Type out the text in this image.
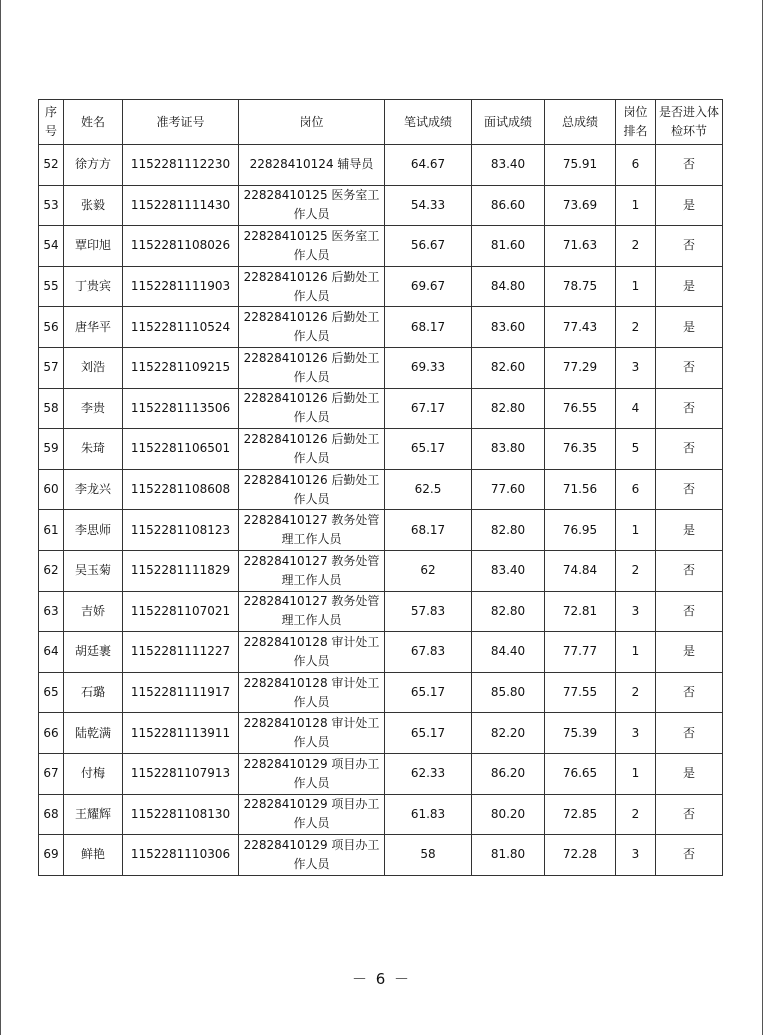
序号	姓名	准考证号	岗位	笔试成绩	面试成绩	总成绩	岗位排名	是否进入体检环节
52	徐方方	1152281112230	22828410124 辅导员	64.67	83.40	75.91	6	否
53	张毅	1152281111430	22828410125 医务室工作人员	54.33	86.60	73.69	1	是
54	覃印旭	1152281108026	22828410125 医务室工作人员	56.67	81.60	71.63	2	否
55	丁贵宾	1152281111903	22828410126 后勤处工作人员	69.67	84.80	78.75	1	是
56	唐华平	1152281110524	22828410126 后勤处工作人员	68.17	83.60	77.43	2	是
57	刘浩	1152281109215	22828410126 后勤处工作人员	69.33	82.60	77.29	3	否
58	李贵	1152281113506	22828410126 后勤处工作人员	67.17	82.80	76.55	4	否
59	朱琦	1152281106501	22828410126 后勤处工作人员	65.17	83.80	76.35	5	否
60	李龙兴	1152281108608	22828410126 后勤处工作人员	62.5	77.60	71.56	6	否
61	李思师	1152281108123	22828410127 教务处管理工作人员	68.17	82.80	76.95	1	是
62	吴玉菊	1152281111829	22828410127 教务处管理工作人员	62	83.40	74.84	2	否
63	吉娇	1152281107021	22828410127 教务处管理工作人员	57.83	82.80	72.81	3	否
64	胡廷裹	1152281111227	22828410128 审计处工作人员	67.83	84.40	77.77	1	是
65	石璐	1152281111917	22828410128 审计处工作人员	65.17	85.80	77.55	2	否
66	陆乾满	1152281113911	22828410128 审计处工作人员	65.17	82.20	75.39	3	否
67	付梅	1152281107913	22828410129 项目办工作人员	62.33	86.20	76.65	1	是
68	王耀辉	1152281108130	22828410129 项目办工作人员	61.83	80.20	72.85	2	否
69	鲜艳	1152281110306	22828410129 项目办工作人员	58	81.80	72.28	3	否
－ 6 －
